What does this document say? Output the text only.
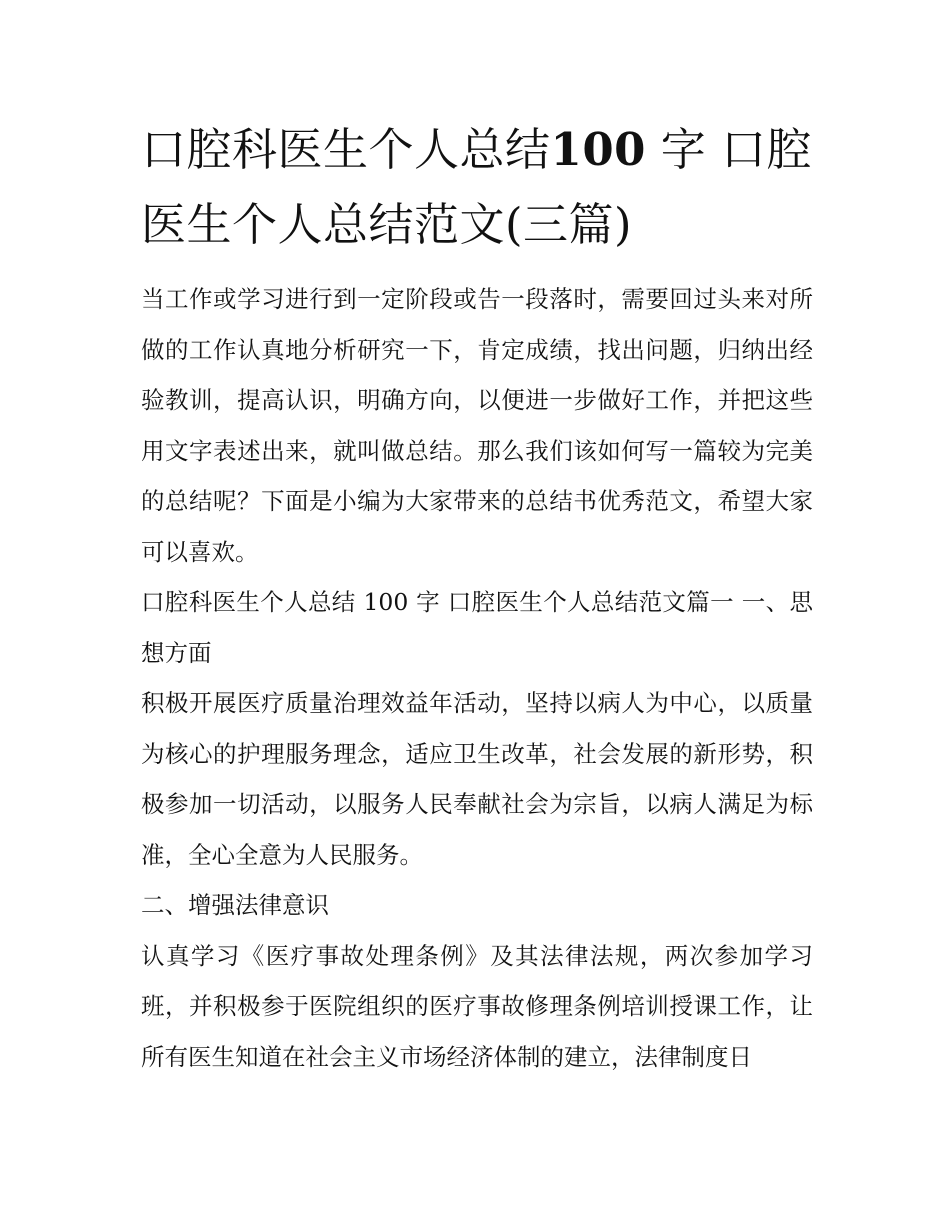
口腔科医生个人总结100 字 口腔医生个人总结范文(三篇)

当工作或学习进行到一定阶段或告一段落时，需要回过头来对所做的工作认真地分析研究一下，肯定成绩，找出问题，归纳出经验教训，提高认识，明确方向，以便进一步做好工作，并把这些用文字表述出来，就叫做总结。那么我们该如何写一篇较为完美的总结呢？下面是小编为大家带来的总结书优秀范文，希望大家可以喜欢。

口腔科医生个人总结 100 字 口腔医生个人总结范文篇一 一、思想方面

积极开展医疗质量治理效益年活动，坚持以病人为中心，以质量为核心的护理服务理念，适应卫生改革，社会发展的新形势，积极参加一切活动，以服务人民奉献社会为宗旨，以病人满足为标准，全心全意为人民服务。

二、增强法律意识

认真学习《医疗事故处理条例》及其法律法规，两次参加学习班，并积极参于医院组织的医疗事故修理条例培训授课工作，让所有医生知道在社会主义市场经济体制的建立，法律制度日
